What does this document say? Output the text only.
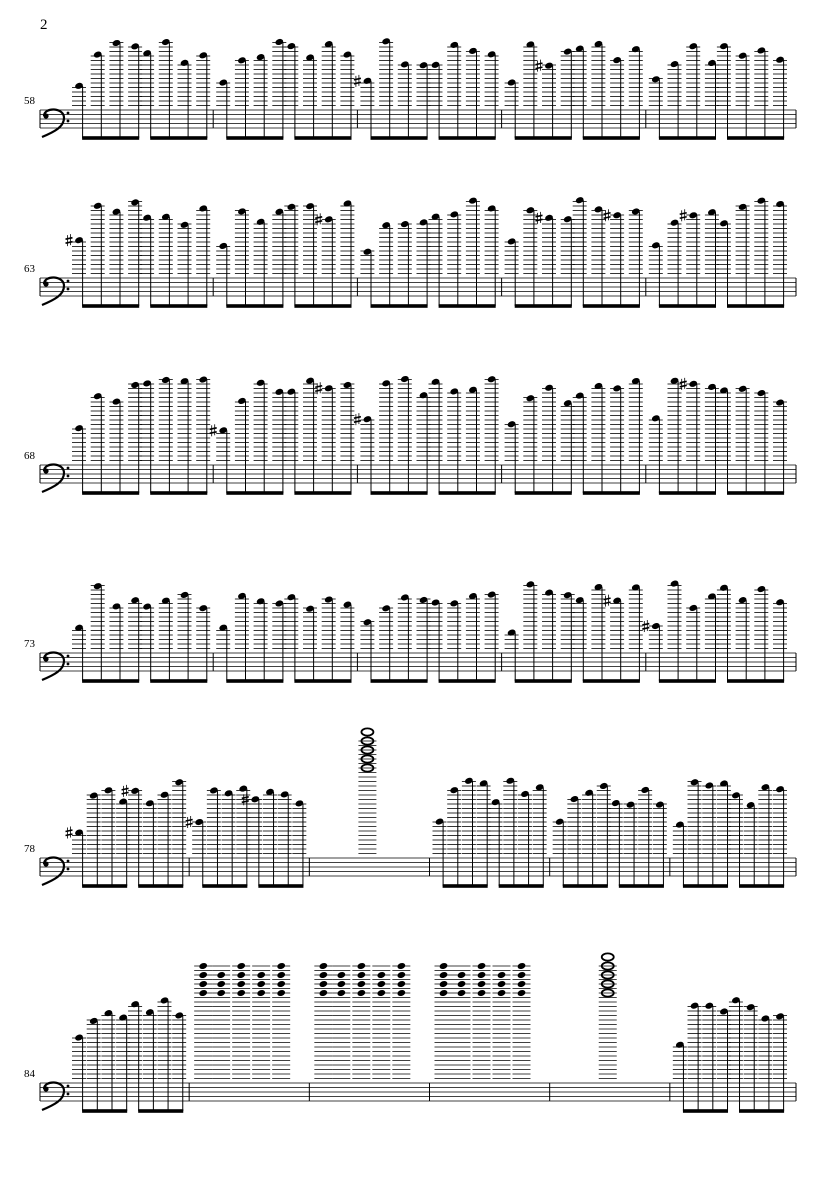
2
58
63
68
73
78
84
